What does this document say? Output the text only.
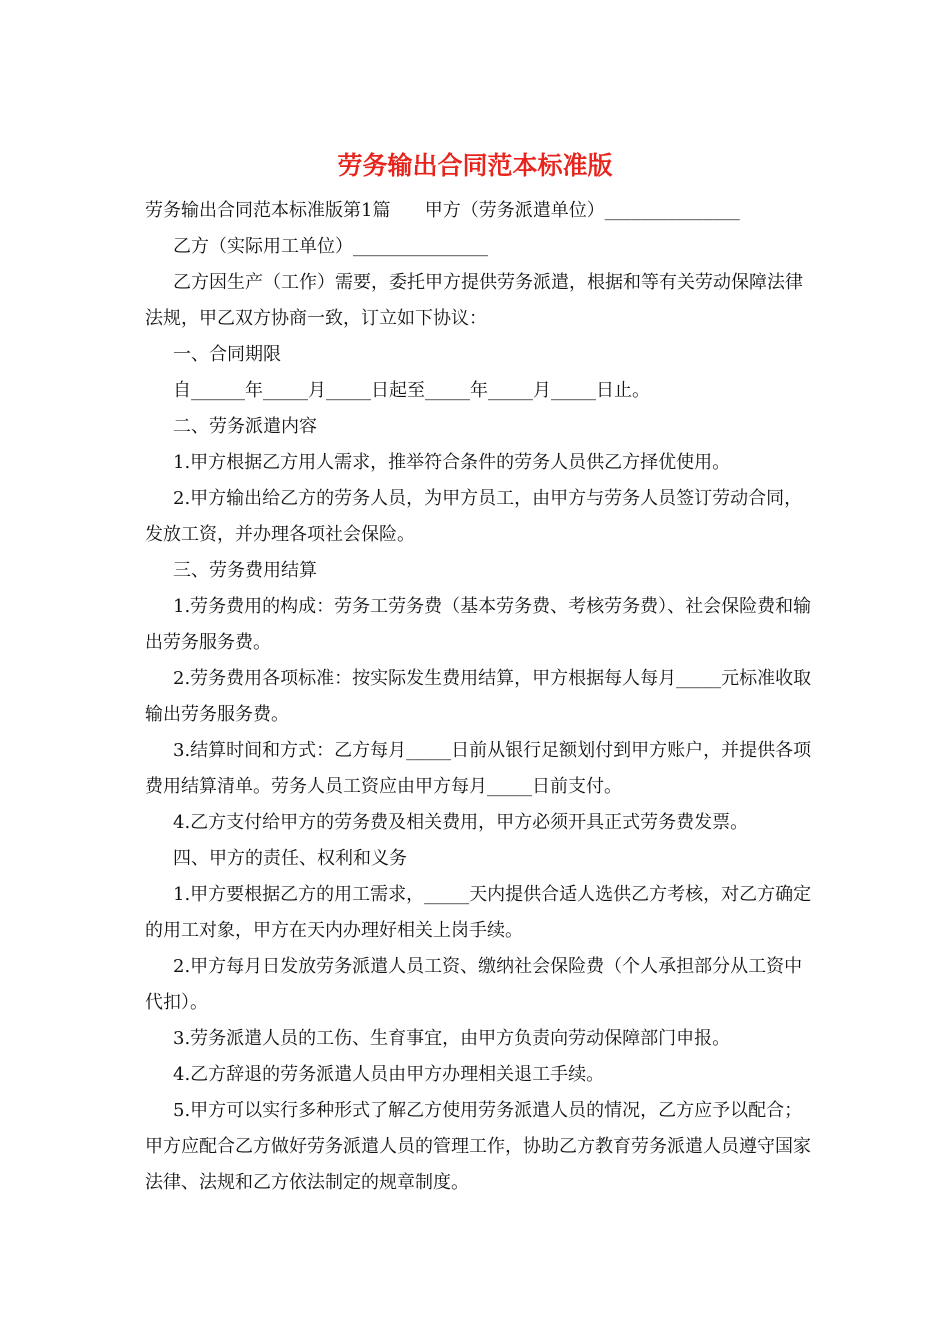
劳务输出合同范本标准版

劳务输出合同范本标准版第1篇      甲方（劳务派遣单位）_______________

乙方（实际用工单位）_______________

乙方因生产（工作）需要，委托甲方提供劳务派遣，根据和等有关劳动保障法律法规，甲乙双方协商一致，订立如下协议：

一、合同期限

自______年_____月_____日起至_____年_____月_____日止。

二、劳务派遣内容

1.甲方根据乙方用人需求，推举符合条件的劳务人员供乙方择优使用。

2.甲方输出给乙方的劳务人员，为甲方员工，由甲方与劳务人员签订劳动合同，发放工资，并办理各项社会保险。

三、劳务费用结算

1.劳务费用的构成：劳务工劳务费（基本劳务费、考核劳务费）、社会保险费和输出劳务服务费。

2.劳务费用各项标准：按实际发生费用结算，甲方根据每人每月_____元标准收取输出劳务服务费。

3.结算时间和方式：乙方每月_____日前从银行足额划付到甲方账户，并提供各项费用结算清单。劳务人员工资应由甲方每月_____日前支付。

4.乙方支付给甲方的劳务费及相关费用，甲方必须开具正式劳务费发票。

四、甲方的责任、权利和义务

1.甲方要根据乙方的用工需求，_____天内提供合适人选供乙方考核，对乙方确定的用工对象，甲方在天内办理好相关上岗手续。

2.甲方每月日发放劳务派遣人员工资、缴纳社会保险费（个人承担部分从工资中代扣）。

3.劳务派遣人员的工伤、生育事宜，由甲方负责向劳动保障部门申报。

4.乙方辞退的劳务派遣人员由甲方办理相关退工手续。

5.甲方可以实行多种形式了解乙方使用劳务派遣人员的情况，乙方应予以配合；甲方应配合乙方做好劳务派遣人员的管理工作，协助乙方教育劳务派遣人员遵守国家法律、法规和乙方依法制定的规章制度。
